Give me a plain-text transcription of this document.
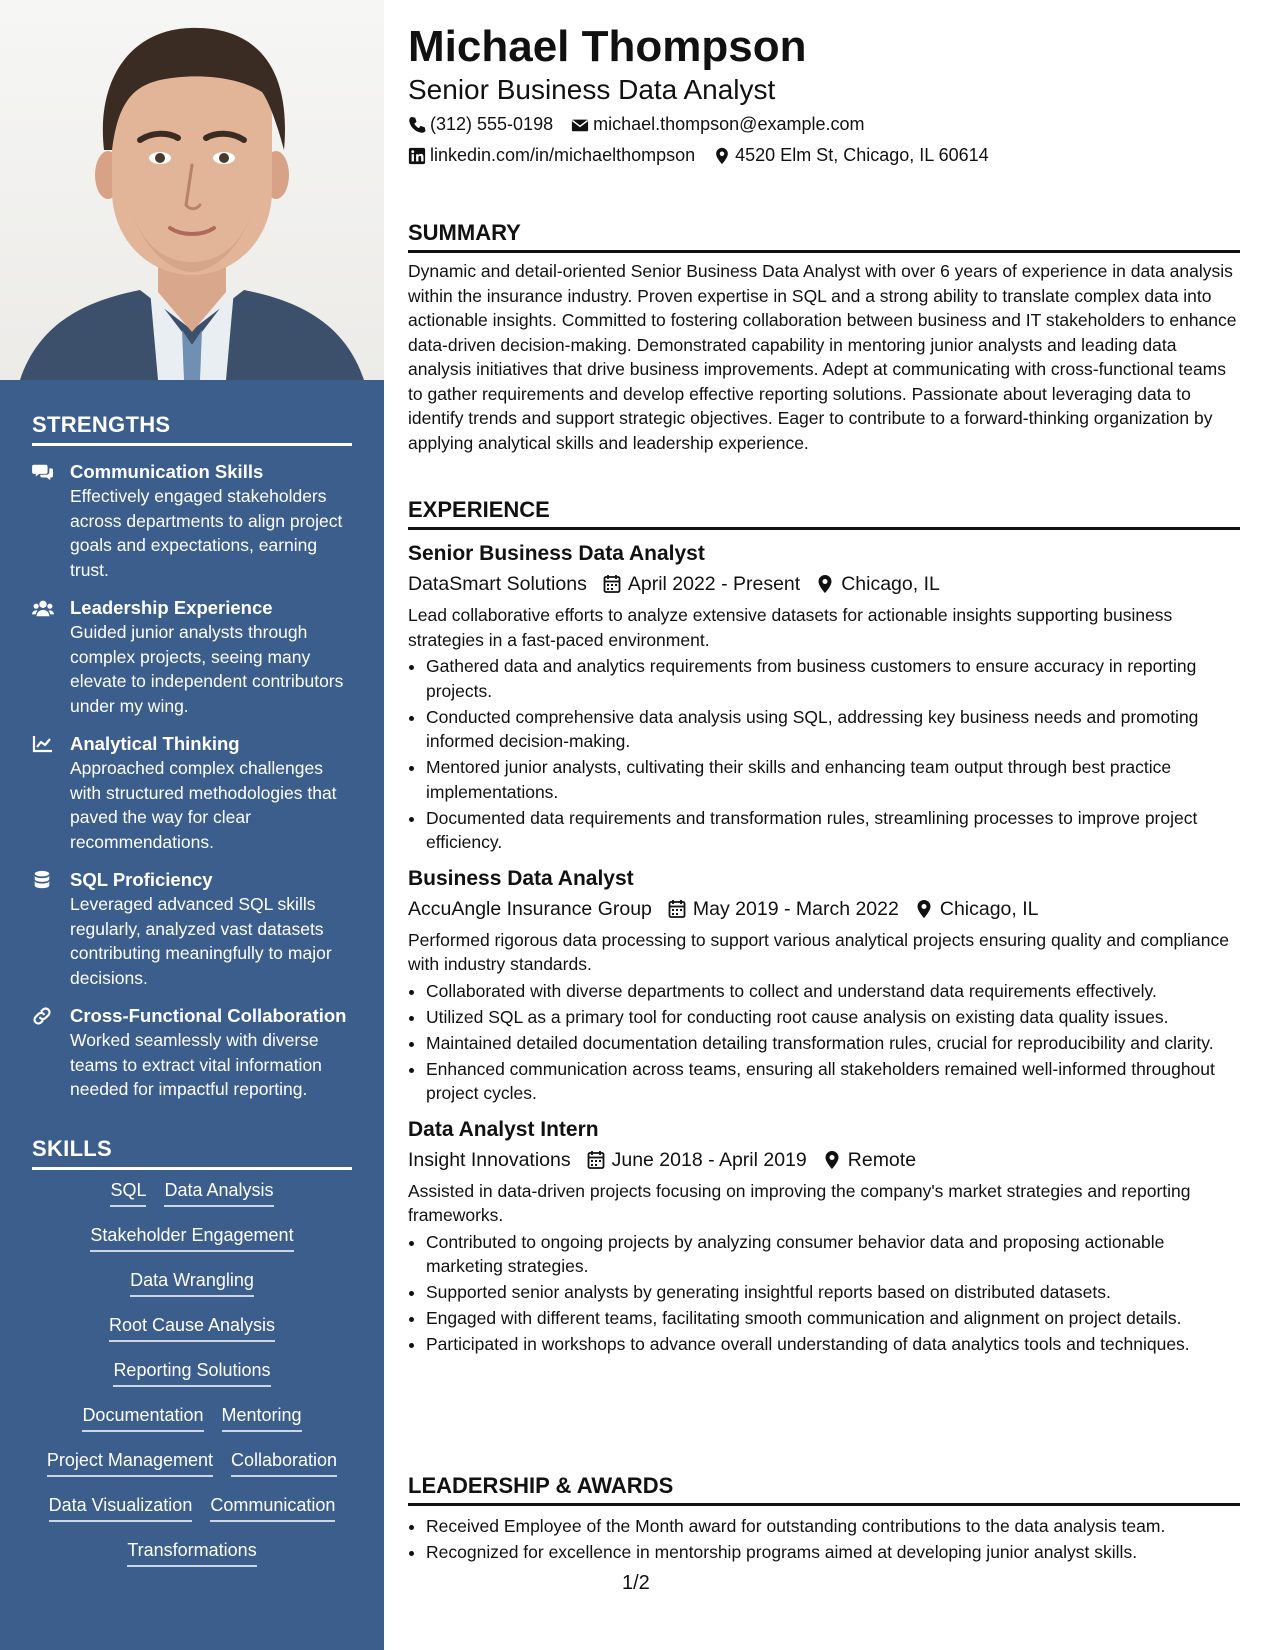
STRENGTHS
Communication Skills
Effectively engaged stakeholders across departments to align project goals and expectations, earning trust.
Leadership Experience
Guided junior analysts through complex projects, seeing many elevate to independent contributors under my wing.
Analytical Thinking
Approached complex challenges with structured methodologies that paved the way for clear recommendations.
SQL Proficiency
Leveraged advanced SQL skills regularly, analyzed vast datasets contributing meaningfully to major decisions.
Cross-Functional Collaboration
Worked seamlessly with diverse teams to extract vital information needed for impactful reporting.
SKILLS
SQL Data Analysis
Stakeholder Engagement
Data Wrangling
Root Cause Analysis
Reporting Solutions
Documentation Mentoring
Project Management Collaboration
Data Visualization Communication
Transformations
Michael Thompson
Senior Business Data Analyst
(312) 555-0198 michael.thompson@example.com
linkedin.com/in/michaelthompson 4520 Elm St, Chicago, IL 60614
SUMMARY

Dynamic and detail-oriented Senior Business Data Analyst with over 6 years of experience in data analysis within the insurance industry. Proven expertise in SQL and a strong ability to translate complex data into actionable insights. Committed to fostering collaboration between business and IT stakeholders to enhance data-driven decision-making. Demonstrated capability in mentoring junior analysts and leading data analysis initiatives that drive business improvements. Adept at communicating with cross-functional teams to gather requirements and develop effective reporting solutions. Passionate about leveraging data to identify trends and support strategic objectives. Eager to contribute to a forward-thinking organization by applying analytical skills and leadership experience.

EXPERIENCE
Senior Business Data Analyst
DataSmart Solutions April 2022 - Present Chicago, IL
Lead collaborative efforts to analyze extensive datasets for actionable insights supporting business strategies in a fast-paced environment.
• Gathered data and analytics requirements from business customers to ensure accuracy in reporting projects.
• Conducted comprehensive data analysis using SQL, addressing key business needs and promoting informed decision-making.
• Mentored junior analysts, cultivating their skills and enhancing team output through best practice implementations.
• Documented data requirements and transformation rules, streamlining processes to improve project efficiency.
Business Data Analyst
AccuAngle Insurance Group May 2019 - March 2022 Chicago, IL
Performed rigorous data processing to support various analytical projects ensuring quality and compliance with industry standards.
• Collaborated with diverse departments to collect and understand data requirements effectively.
• Utilized SQL as a primary tool for conducting root cause analysis on existing data quality issues.
• Maintained detailed documentation detailing transformation rules, crucial for reproducibility and clarity.
• Enhanced communication across teams, ensuring all stakeholders remained well-informed throughout project cycles.
Data Analyst Intern
Insight Innovations June 2018 - April 2019 Remote
Assisted in data-driven projects focusing on improving the company's market strategies and reporting frameworks.
• Contributed to ongoing projects by analyzing consumer behavior data and proposing actionable marketing strategies.
• Supported senior analysts by generating insightful reports based on distributed datasets.
• Engaged with different teams, facilitating smooth communication and alignment on project details.
• Participated in workshops to advance overall understanding of data analytics tools and techniques.
LEADERSHIP & AWARDS
• Received Employee of the Month award for outstanding contributions to the data analysis team.
• Recognized for excellence in mentorship programs aimed at developing junior analyst skills.
1/2
